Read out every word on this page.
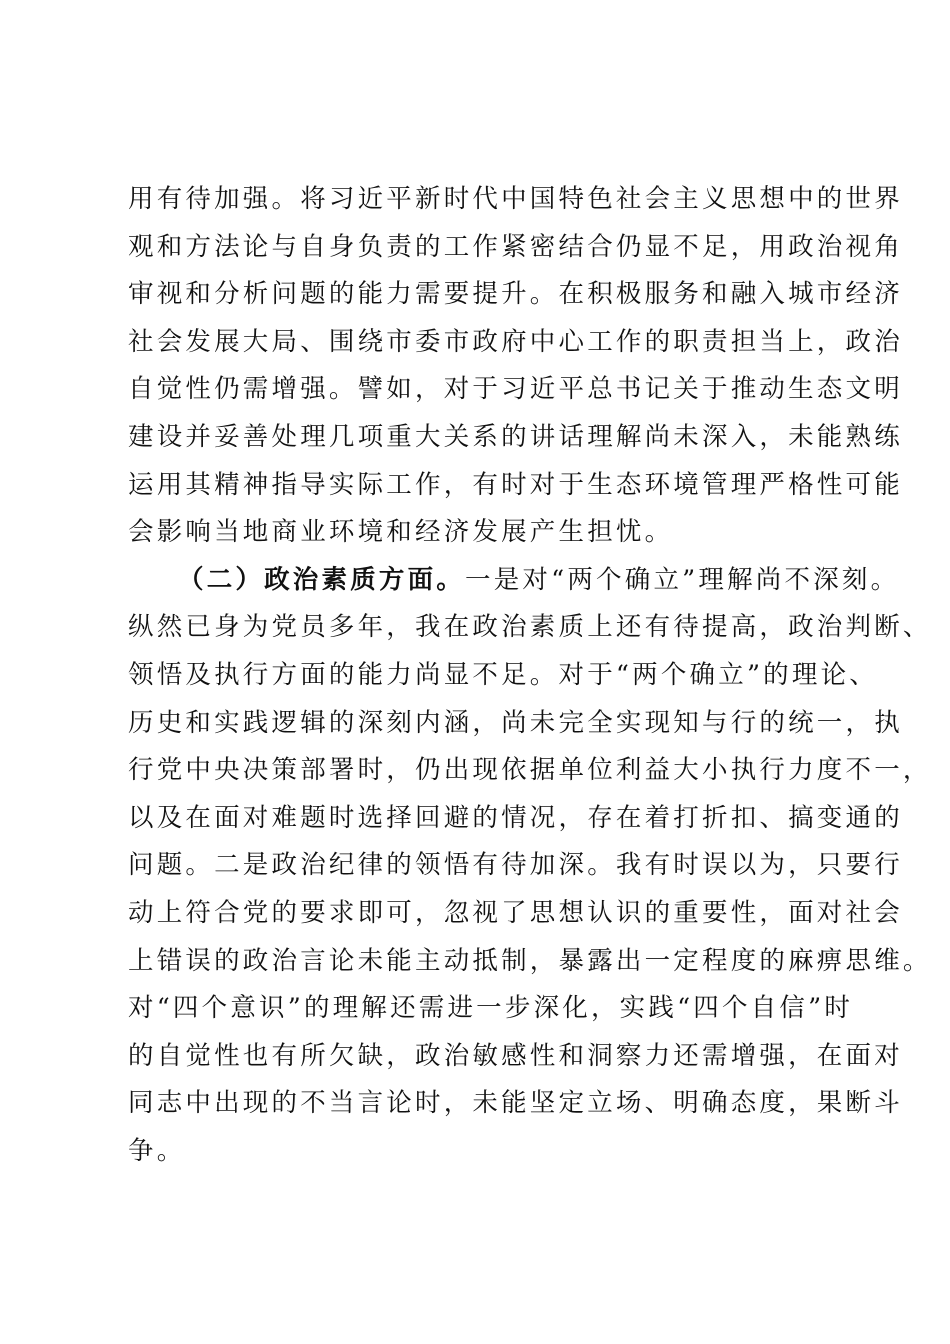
用有待加强。将习近平新时代中国特色社会主义思想中的世界
观和方法论与自身负责的工作紧密结合仍显不足，用政治视角
审视和分析问题的能力需要提升。在积极服务和融入城市经济
社会发展大局、围绕市委市政府中心工作的职责担当上，政治
自觉性仍需增强。譬如，对于习近平总书记关于推动生态文明
建设并妥善处理几项重大关系的讲话理解尚未深入，未能熟练
运用其精神指导实际工作，有时对于生态环境管理严格性可能
会影响当地商业环境和经济发展产生担忧。
（二）政治素质方面。一是对“两个确立”理解尚不深刻。
纵然已身为党员多年，我在政治素质上还有待提高，政治判断、
领悟及执行方面的能力尚显不足。对于“两个确立”的理论、
历史和实践逻辑的深刻内涵，尚未完全实现知与行的统一，执
行党中央决策部署时，仍出现依据单位利益大小执行力度不一，
以及在面对难题时选择回避的情况，存在着打折扣、搞变通的
问题。二是政治纪律的领悟有待加深。我有时误以为，只要行
动上符合党的要求即可，忽视了思想认识的重要性，面对社会
上错误的政治言论未能主动抵制，暴露出一定程度的麻痹思维。
对“四个意识”的理解还需进一步深化，实践“四个自信”时
的自觉性也有所欠缺，政治敏感性和洞察力还需增强，在面对
同志中出现的不当言论时，未能坚定立场、明确态度，果断斗
争。
